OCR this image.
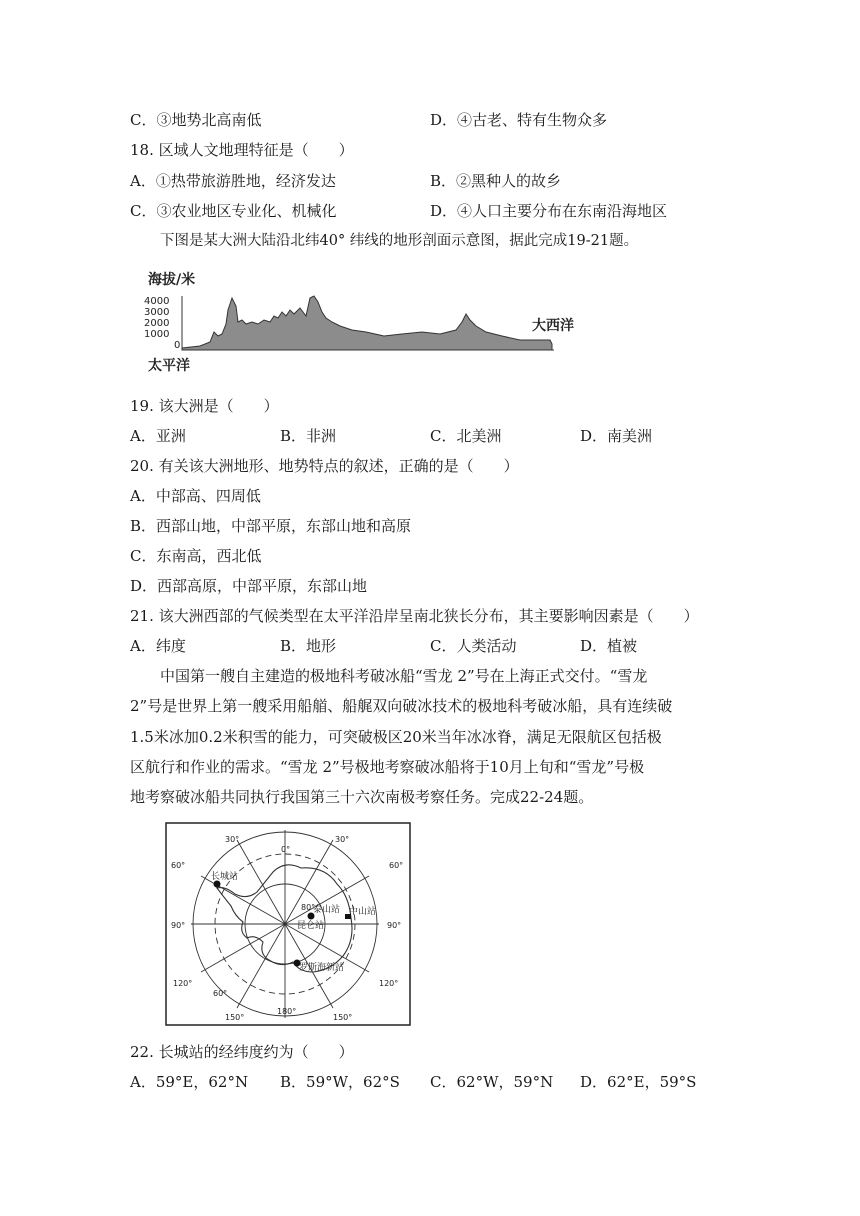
C．③地势北高南低	D．④古老、特有生物众多
18. 区域人文地理特征是（　　）
A．①热带旅游胜地，经济发达	B．②黑种人的故乡
C．③农业地区专业化、机械化	D．④人口主要分布在东南沿海地区
下图是某大洲大陆沿北纬40° 纬线的地形剖面示意图，据此完成19-21题。
海拔/米
4000
3000
2000
1000
0
太平洋
大西洋
19. 该大洲是（　　）
A．亚洲	B．非洲	C．北美洲	D．南美洲
20. 有关该大洲地形、地势特点的叙述，正确的是（　　）
A．中部高、四周低
B．西部山地，中部平原，东部山地和高原
C．东南高，西北低
D．西部高原，中部平原，东部山地
21. 该大洲西部的气候类型在太平洋沿岸呈南北狭长分布，其主要影响因素是（　　）
A．纬度	B．地形	C．人类活动	D．植被
中国第一艘自主建造的极地科考破冰船“雪龙 2”号在上海正式交付。“雪龙
2”号是世界上第一艘采用船艏、船艉双向破冰技术的极地科考破冰船，具有连续破
1.5米冰加0.2米积雪的能力，可突破极区20米当年冰冰脊，满足无限航区包括极
区航行和作业的需求。“雪龙 2”号极地考察破冰船将于10月上旬和“雪龙”号极
地考察破冰船共同执行我国第三十六次南极考察任务。完成22-24题。
30°
0°
30°
60°
60°
90°	90°
120°	120°
150°
180°
150°
60°
80°
长城站
泰山站 中山站
昆仑站
罗斯海新站
22. 长城站的经纬度约为（　　）
A．59°E，62°N B．59°W，62°S C．62°W，59°N D．62°E，59°S
